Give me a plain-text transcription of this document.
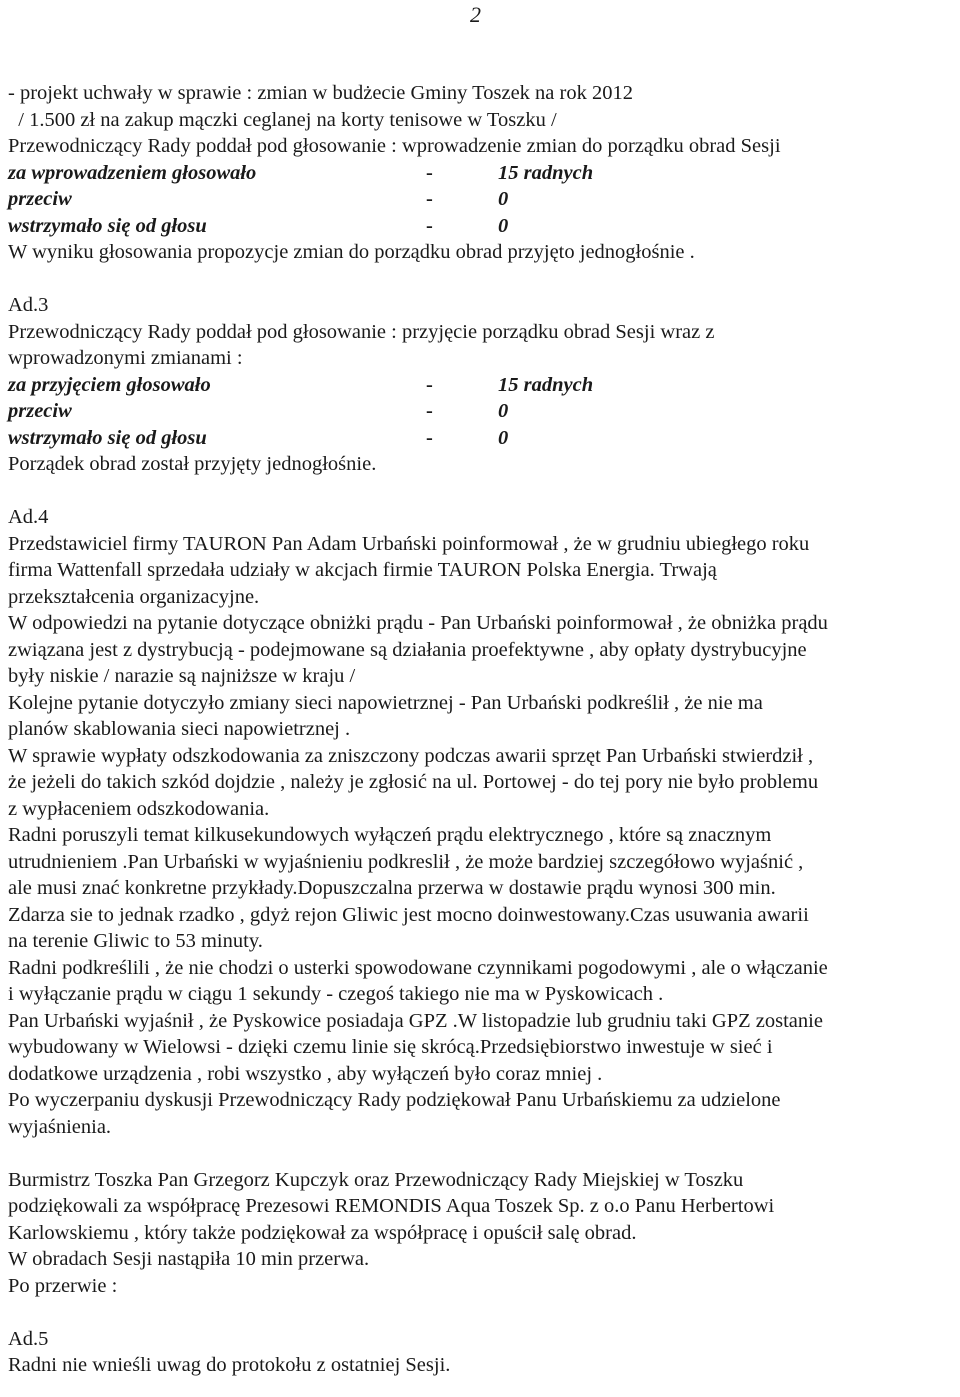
2
- projekt uchwały w sprawie : zmian w budżecie Gminy Toszek na rok 2012
/ 1.500 zł na zakup mączki ceglanej na korty tenisowe w Toszku /
Przewodniczący Rady poddał pod głosowanie : wprowadzenie zmian do porządku obrad Sesji
za wprowadzeniem głosowało	-	15 radnych
przeciw	-	0
wstrzymało się od głosu	-	0
W wyniku głosowania propozycje zmian do porządku obrad przyjęto jednogłośnie .
Ad.3
Przewodniczący Rady poddał pod głosowanie : przyjęcie porządku obrad Sesji wraz z
wprowadzonymi zmianami :
za przyjęciem głosowało	-	15 radnych
przeciw	-	0
wstrzymało się od głosu	-	0
Porządek obrad został przyjęty jednogłośnie.
Ad.4
Przedstawiciel firmy TAURON Pan Adam Urbański poinformował , że w grudniu ubiegłego roku
firma Wattenfall sprzedała udziały w akcjach firmie TAURON Polska Energia. Trwają
przekształcenia organizacyjne.
W odpowiedzi na pytanie dotyczące obniżki prądu - Pan Urbański poinformował , że obniżka prądu
związana jest z dystrybucją - podejmowane są działania proefektywne , aby opłaty dystrybucyjne
były niskie / narazie są najniższe w kraju /
Kolejne pytanie dotyczyło zmiany sieci napowietrznej - Pan Urbański podkreślił , że nie ma
planów skablowania sieci napowietrznej .
W sprawie wypłaty odszkodowania za zniszczony podczas awarii sprzęt Pan Urbański stwierdził ,
że jeżeli do takich szkód dojdzie , należy je zgłosić na ul. Portowej - do tej pory nie było problemu
z wypłaceniem odszkodowania.
Radni poruszyli temat kilkusekundowych wyłączeń prądu elektrycznego , które są znacznym
utrudnieniem .Pan Urbański w wyjaśnieniu podkreslił , że może bardziej szczegółowo wyjaśnić ,
ale musi znać konkretne przykłady.Dopuszczalna przerwa w dostawie prądu wynosi 300 min.
Zdarza sie to jednak rzadko , gdyż rejon Gliwic jest mocno doinwestowany.Czas usuwania awarii
na terenie Gliwic to 53 minuty.
Radni podkreślili , że nie chodzi o usterki spowodowane czynnikami pogodowymi , ale o włączanie
i wyłączanie prądu w ciągu 1 sekundy - czegoś takiego nie ma w Pyskowicach .
Pan Urbański wyjaśnił , że Pyskowice posiadaja GPZ .W listopadzie lub grudniu taki GPZ zostanie
wybudowany w Wielowsi - dzięki czemu linie się skrócą.Przedsiębiorstwo inwestuje w sieć i
dodatkowe urządzenia , robi wszystko , aby wyłączeń było coraz mniej .
Po wyczerpaniu dyskusji Przewodniczący Rady podziękował Panu Urbańskiemu za udzielone
wyjaśnienia.
Burmistrz Toszka Pan Grzegorz Kupczyk oraz Przewodniczący Rady Miejskiej w Toszku
podziękowali za współpracę Prezesowi REMONDIS Aqua Toszek Sp. z o.o Panu Herbertowi
Karlowskiemu , który także podziękował za współpracę i opuścił salę obrad.
W obradach Sesji nastąpiła 10 min przerwa.
Po przerwie :
Ad.5
Radni nie wnieśli uwag do protokołu z ostatniej Sesji.
